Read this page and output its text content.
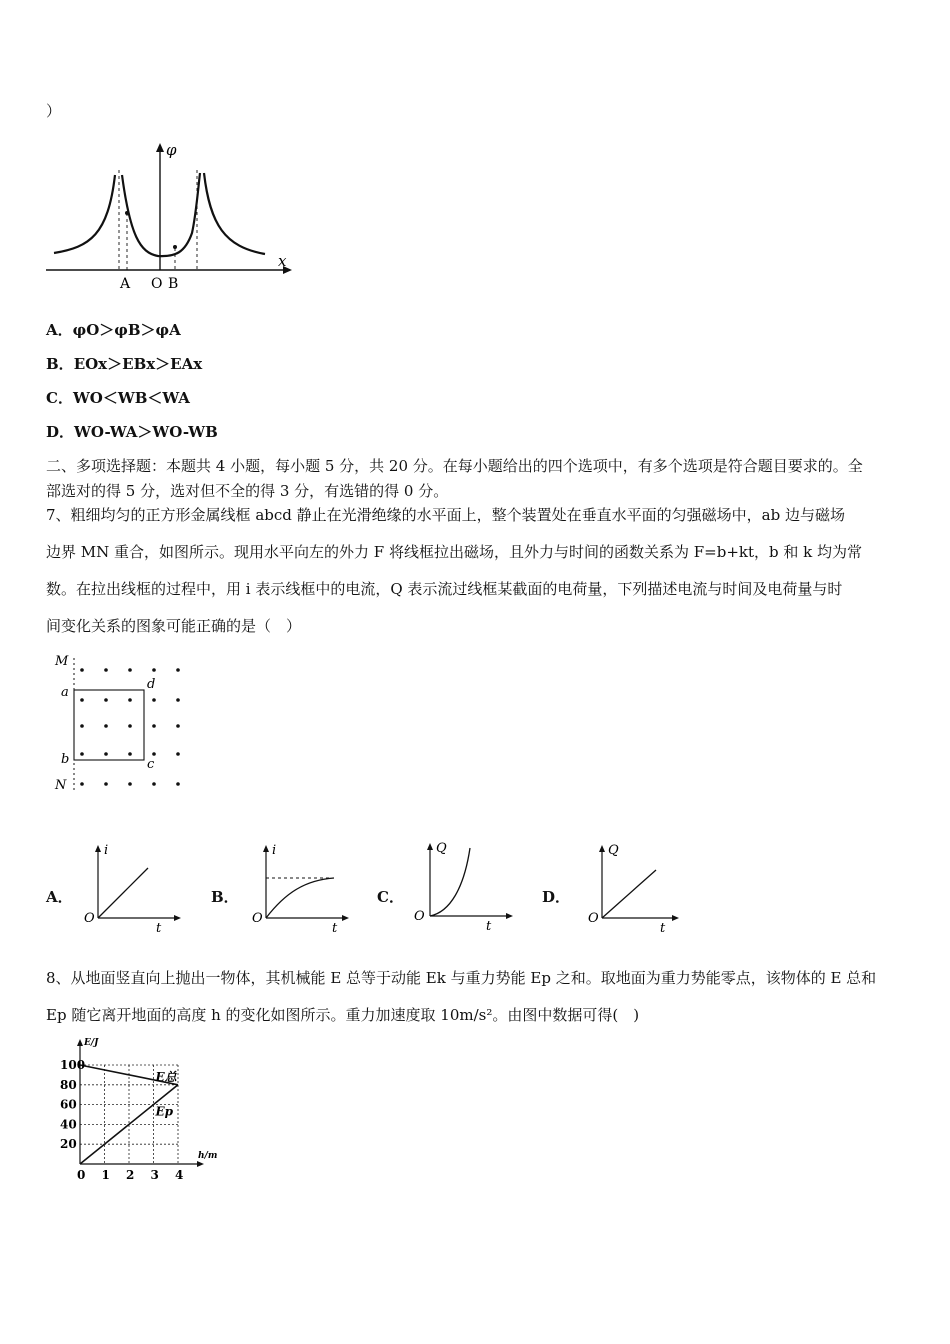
）
φ
x
A O B
A．φO＞φB＞φA
B．EOx＞EBx＞EAx
C．WO＜WB＜WA
D．WO-WA＞WO-WB
二、多项选择题：本题共 4 小题，每小题 5 分，共 20 分。在每小题给出的四个选项中，有多个选项是符合题目要求的。全
部选对的得 5 分，选对但不全的得 3 分，有选错的得 0 分。
7、粗细均匀的正方形金属线框 abcd 静止在光滑绝缘的水平面上，整个装置处在垂直水平面的匀强磁场中，ab 边与磁场
边界 MN 重合，如图所示。现用水平向左的外力 F 将线框拉出磁场，且外力与时间的函数关系为 F=b+kt，b 和 k 均为常
数。在拉出线框的过程中，用 i 表示线框中的电流，Q 表示流过线框某截面的电荷量，下列描述电流与时间及电荷量与时
间变化关系的图象可能正确的是（　）
M
a
d
b	c
N
A．
i
O
t
B．
i
O
t
C．
Q
O
t
D．
Q
O
t
8、从地面竖直向上抛出一物体，其机械能 E 总等于动能 Ek 与重力势能 Ep 之和。取地面为重力势能零点，该物体的 E 总和
Ep 随它离开地面的高度 h 的变化如图所示。重力加速度取 10m/s²。由图中数据可得(　)
E总
Ep
0 1 2 3 4
20
40
60
80
100
h/m
E/J
